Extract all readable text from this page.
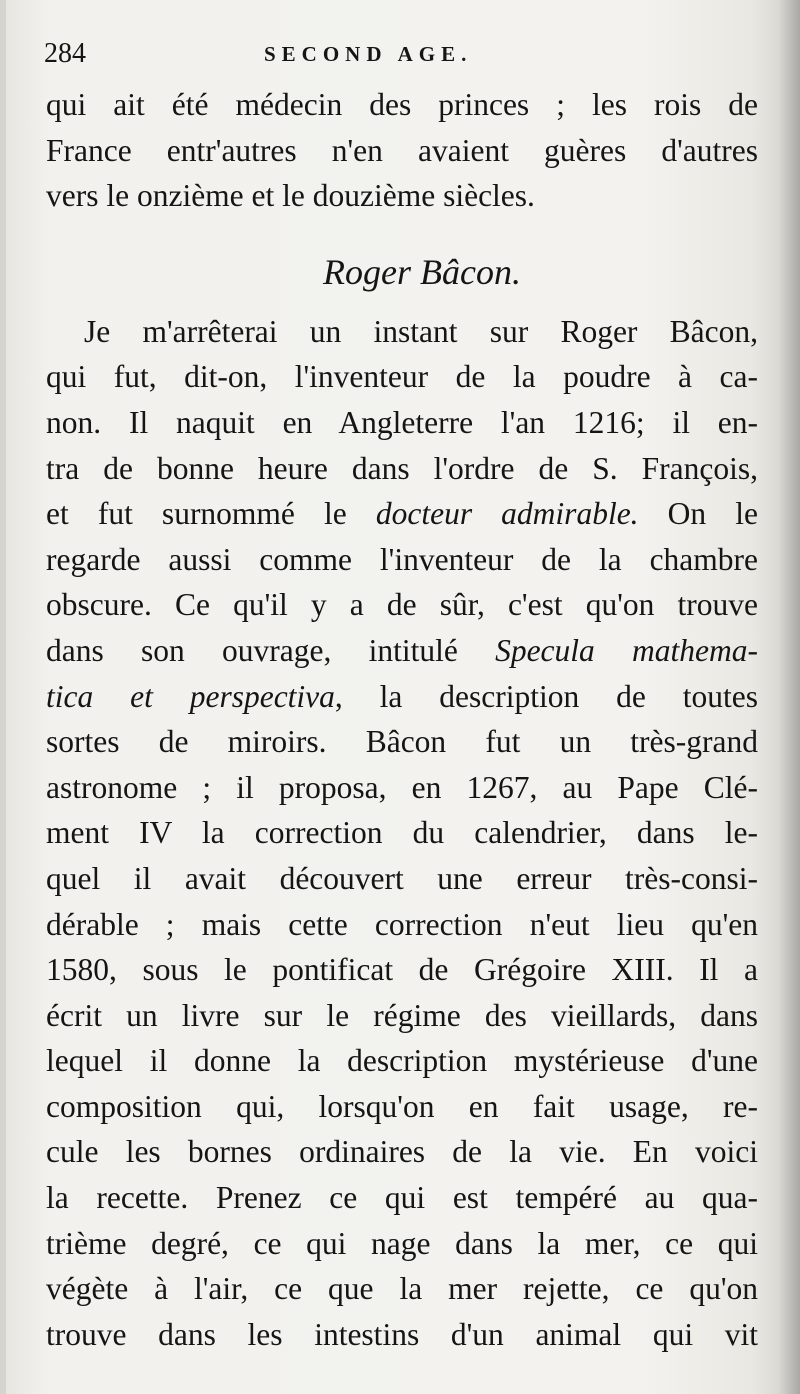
284	SECOND AGE.
qui ait été médecin des princes ; les rois de
France entr'autres n'en avaient guères d'autres
vers le onzième et le douzième siècles.
Roger Bâcon.
Je m'arrêterai un instant sur Roger Bâcon,
qui fut, dit-on, l'inventeur de la poudre à ca-
non. Il naquit en Angleterre l'an 1216; il en-
tra de bonne heure dans l'ordre de S. François,
et fut surnommé le docteur admirable. On le
regarde aussi comme l'inventeur de la chambre
obscure. Ce qu'il y a de sûr, c'est qu'on trouve
dans son ouvrage, intitulé Specula mathema-
tica et perspectiva, la description de toutes
sortes de miroirs. Bâcon fut un très-grand
astronome ; il proposa, en 1267, au Pape Clé-
ment IV la correction du calendrier, dans le-
quel il avait découvert une erreur très-consi-
dérable ; mais cette correction n'eut lieu qu'en
1580, sous le pontificat de Grégoire XIII. Il a
écrit un livre sur le régime des vieillards, dans
lequel il donne la description mystérieuse d'une
composition qui, lorsqu'on en fait usage, re-
cule les bornes ordinaires de la vie. En voici
la recette. Prenez ce qui est tempéré au qua-
trième degré, ce qui nage dans la mer, ce qui
végète à l'air, ce que la mer rejette, ce qu'on
trouve dans les intestins d'un animal qui vit
